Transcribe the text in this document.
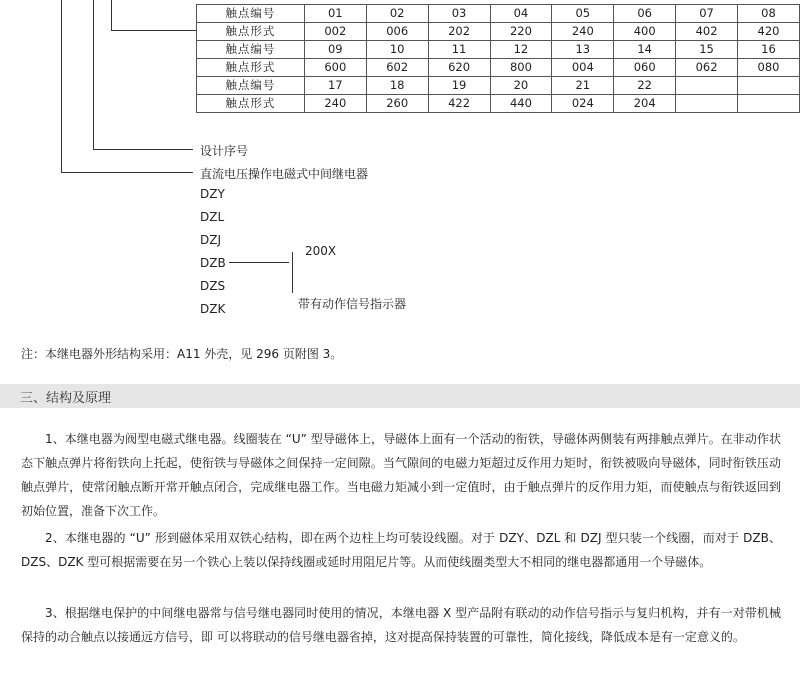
触点编号	01	02	03	04	05	06	07	08
触点形式	002	006	202	220	240	400	402	420
触点编号	09	10	11	12	13	14	15	16
触点形式	600	602	620	800	004	060	062	080
触点编号	17	18	19	20	21	22		
触点形式	240	260	422	440	024	204		
设计序号
直流电压操作电磁式中间继电器
DZY
DZL
DZJ
DZB
DZS
DZK
200X
带有动作信号指示器
注：本继电器外形结构采用：A11 外壳，见 296 页附图 3。
三、结构及原理
1、本继电器为阀型电磁式继电器。线圈装在 “U” 型导磁体上，导磁体上面有一个活动的衔铁，导磁体两侧装有两排触点弹片。在非动作状态下触点弹片将衔铁向上托起，使衔铁与导磁体之间保持一定间隙。当气隙间的电磁力矩超过反作用力矩时，衔铁被吸向导磁体，同时衔铁压动触点弹片，使常闭触点断开常开触点闭合，完成继电器工作。当电磁力矩减小到一定值时，由于触点弹片的反作用力矩，而使触点与衔铁返回到初始位置，准备下次工作。
2、本继电器的 “U” 形到磁体采用双铁心结构，即在两个边柱上均可装设线圈。对于 DZY、DZL 和 DZJ 型只装一个线圈，而对于 DZB、DZS、DZK 型可根据需要在另一个铁心上装以保持线圈或延时用阻尼片等。从而使线圈类型大不相同的继电器都通用一个导磁体。
3、根据继电保护的中间继电器常与信号继电器同时使用的情况，本继电器 X 型产品附有联动的动作信号指示与复归机构，并有一对带机械保持的动合触点以接通远方信号，即 可以将联动的信号继电器省掉，这对提高保持装置的可靠性，简化接线，降低成本是有一定意义的。
